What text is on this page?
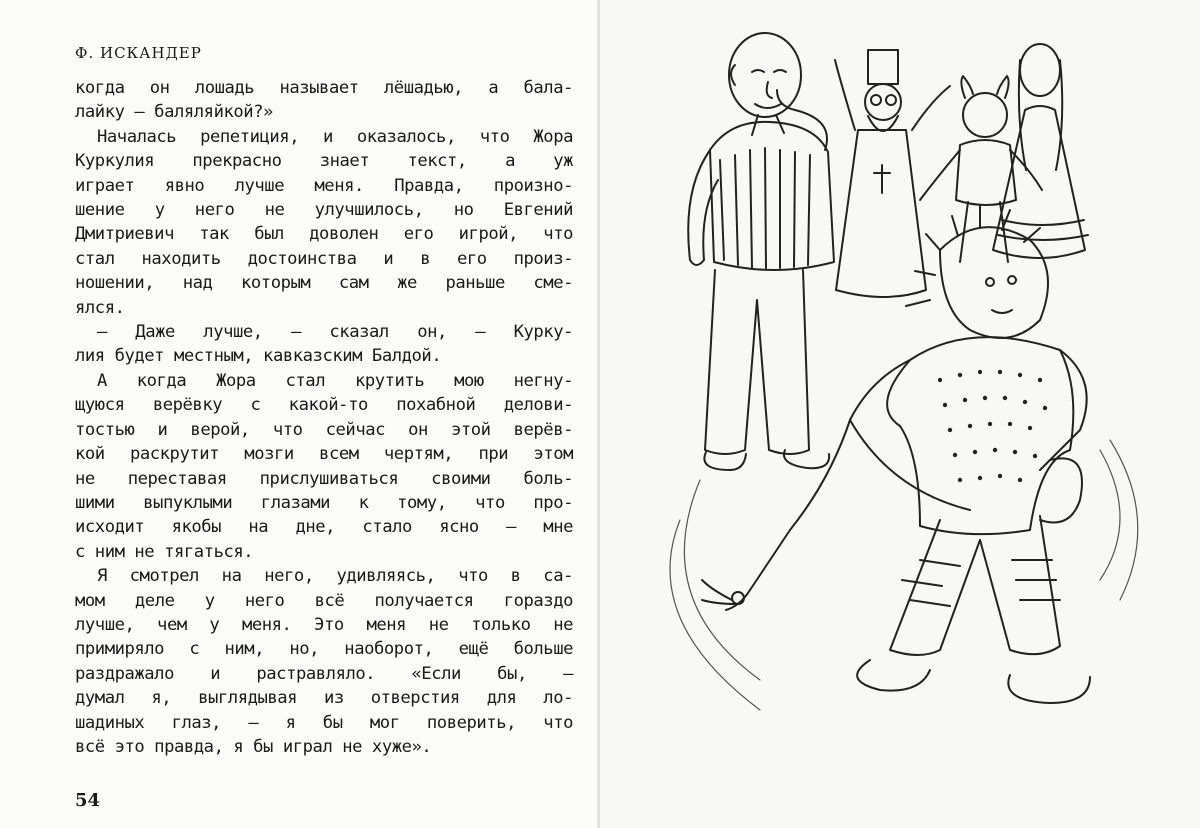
Ф. ИСКАНДЕР
когда он лошадь называет лёшадью, а бала-
лайку — баляляйкой?»
Началась репетиция, и оказалось, что Жора
Куркулия прекрасно знает текст, а уж
играет явно лучше меня. Правда, произно-
шение у него не улучшилось, но Евгений
Дмитриевич так был доволен его игрой, что
стал находить достоинства и в его произ-
ношении, над которым сам же раньше сме-
ялся.
— Даже лучше, — сказал он, — Курку-
лия будет местным, кавказским Балдой.
А когда Жора стал крутить мою негну-
щуюся верёвку с какой-то похабной делови-
тостью и верой, что сейчас он этой верёв-
кой раскрутит мозги всем чертям, при этом
не переставая прислушиваться своими боль-
шими выпуклыми глазами к тому, что про-
исходит якобы на дне, стало ясно — мне
с ним не тягаться.
Я смотрел на него, удивляясь, что в са-
мом деле у него всё получается гораздо
лучше, чем у меня. Это меня не только не
примиряло с ним, но, наоборот, ещё больше
раздражало и растравляло. «Если бы, —
думал я, выглядывая из отверстия для ло-
шадиных глаз, — я бы мог поверить, что
всё это правда, я бы играл не хуже».
54
